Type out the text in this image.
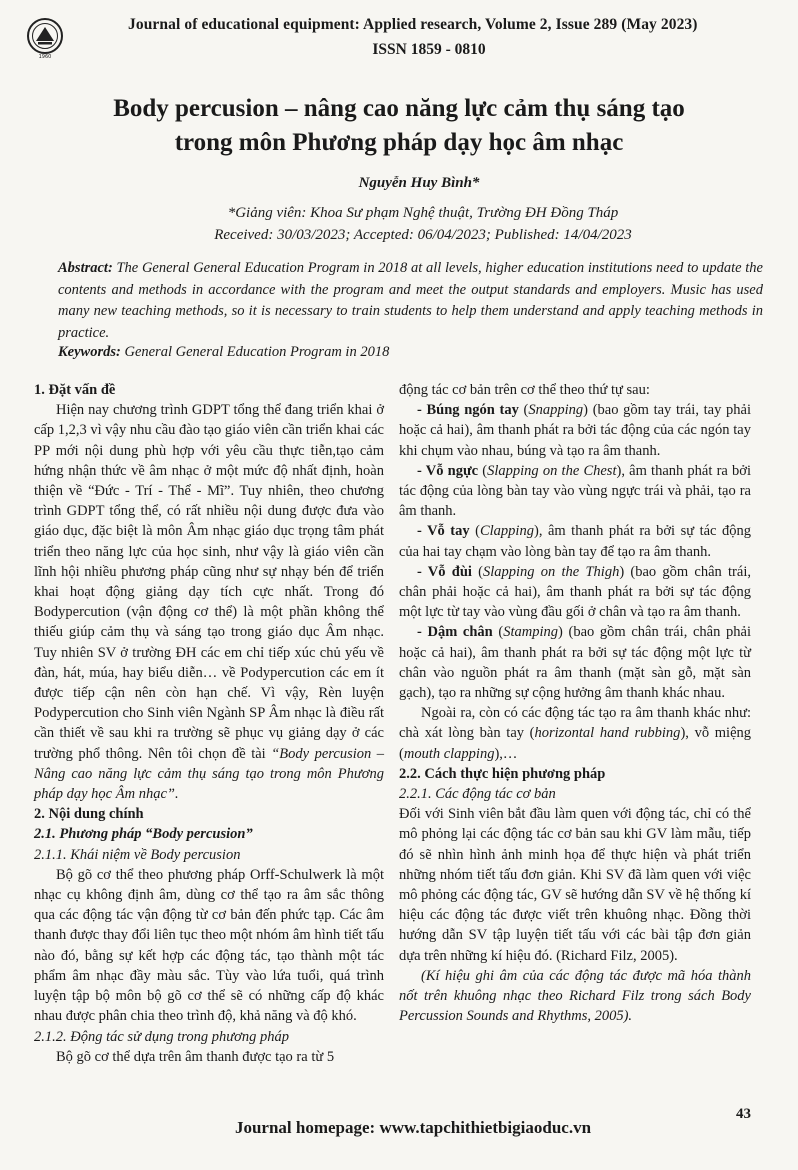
1960
Journal of educational equipment: Applied research, Volume 2, Issue 289 (May 2023)
ISSN 1859 - 0810
Body percusion – nâng cao năng lực cảm thụ sáng tạo
trong môn Phương pháp dạy học âm nhạc
Nguyễn Huy Bình*
*Giảng viên: Khoa Sư phạm Nghệ thuật, Trường ĐH Đồng Tháp
Received: 30/03/2023; Accepted: 06/04/2023; Published: 14/04/2023
Abstract: The General General Education Program in 2018 at all levels, higher education institutions need to update the contents and methods in accordance with the program and meet the output standards and employers. Music has used many new teaching methods, so it is necessary to train students to help them understand and apply teaching methods in practice.
Keywords: General General Education Program in 2018

1. Đặt vấn đề

Hiện nay chương trình GDPT tổng thể đang triển khai ở cấp 1,2,3 vì vậy nhu cầu đào tạo giáo viên cần triển khai các PP mới nội dung phù hợp với yêu cầu thực tiễn,tạo cảm hứng nhận thức về âm nhạc ở một mức độ nhất định, hoàn thiện về “Đức - Trí - Thể - Mĩ”. Tuy nhiên, theo chương trình GDPT tổng thể, có rất nhiều nội dung được đưa vào giáo dục, đặc biệt là môn Âm nhạc giáo dục trọng tâm phát triển theo năng lực của học sinh, như vậy là giáo viên cần lĩnh hội nhiều phương pháp cũng như sự nhạy bén để triển khai hoạt động giảng dạy tích cực nhất. Trong đó Bodypercution (vận động cơ thể) là một phần không thể thiếu giúp cảm thụ và sáng tạo trong giáo dục Âm nhạc. Tuy nhiên SV ở trường ĐH các em chỉ tiếp xúc chủ yếu về đàn, hát, múa, hay biểu diễn… về Podypercution các em ít được tiếp cận nên còn hạn chế. Vì vậy, Rèn luyện Podypercution cho Sinh viên Ngành SP Âm nhạc là điều rất cần thiết về sau khi ra trường sẽ phục vụ giảng dạy ở các trường phổ thông. Nên tôi chọn đề tài “Body percusion – Nâng cao năng lực cảm thụ sáng tạo trong môn Phương pháp dạy học Âm nhạc”.

2. Nội dung chính

2.1. Phương pháp “Body percusion”

2.1.1. Khái niệm về Body percusion

Bộ gõ cơ thể theo phương pháp Orff-Schulwerk là một nhạc cụ không định âm, dùng cơ thể tạo ra âm sắc thông qua các động tác vận động từ cơ bản đến phức tạp. Các âm thanh được thay đổi liên tục theo một nhóm âm hình tiết tấu nào đó, bằng sự kết hợp các động tác, tạo thành một tác phẩm âm nhạc đầy màu sắc. Tùy vào lứa tuổi, quá trình luyện tập bộ môn bộ gõ cơ thể sẽ có những cấp độ khác nhau được phân chia theo trình độ, khả năng và độ khó.

2.1.2. Động tác sử dụng trong phương pháp

Bộ gõ cơ thể dựa trên âm thanh được tạo ra từ 5

động tác cơ bản trên cơ thể theo thứ tự sau:

- Búng ngón tay (Snapping) (bao gồm tay trái, tay phải hoặc cả hai), âm thanh phát ra bởi tác động của các ngón tay khi chụm vào nhau, búng và tạo ra âm thanh.

- Vỗ ngực (Slapping on the Chest), âm thanh phát ra bởi tác động của lòng bàn tay vào vùng ngực trái và phải, tạo ra âm thanh.

- Vỗ tay (Clapping), âm thanh phát ra bởi sự tác động của hai tay chạm vào lòng bàn tay để tạo ra âm thanh.

- Vỗ đùi (Slapping on the Thigh) (bao gồm chân trái, chân phải hoặc cả hai), âm thanh phát ra bởi sự tác động một lực từ tay vào vùng đầu gối ở chân và tạo ra âm thanh.

- Dậm chân (Stamping) (bao gồm chân trái, chân phải hoặc cả hai), âm thanh phát ra bởi sự tác động một lực từ chân vào nguồn phát ra âm thanh (mặt sàn gỗ, mặt sàn gạch), tạo ra những sự cộng hưởng âm thanh khác nhau.

Ngoài ra, còn có các động tác tạo ra âm thanh khác như: chà xát lòng bàn tay (horizontal hand rubbing), vỗ miệng (mouth clapping),…

2.2. Cách thực hiện phương pháp

2.2.1. Các động tác cơ bản

Đối với Sinh viên bắt đầu làm quen với động tác, chỉ có thể mô phỏng lại các động tác cơ bản sau khi GV làm mẫu, tiếp đó sẽ nhìn hình ảnh minh họa để thực hiện và phát triển những nhóm tiết tấu đơn giản. Khi SV đã làm quen với việc mô phỏng các động tác, GV sẽ hướng dẫn SV về hệ thống kí hiệu các động tác được viết trên khuông nhạc. Đồng thời hướng dẫn SV tập luyện tiết tấu với các bài tập đơn giản dựa trên những kí hiệu đó. (Richard Filz, 2005).

(Kí hiệu ghi âm của các động tác được mã hóa thành nốt trên khuông nhạc theo Richard Filz trong sách Body Percussion Sounds and Rhythms, 2005).

43
Journal homepage: www.tapchithietbigiaoduc.vn
